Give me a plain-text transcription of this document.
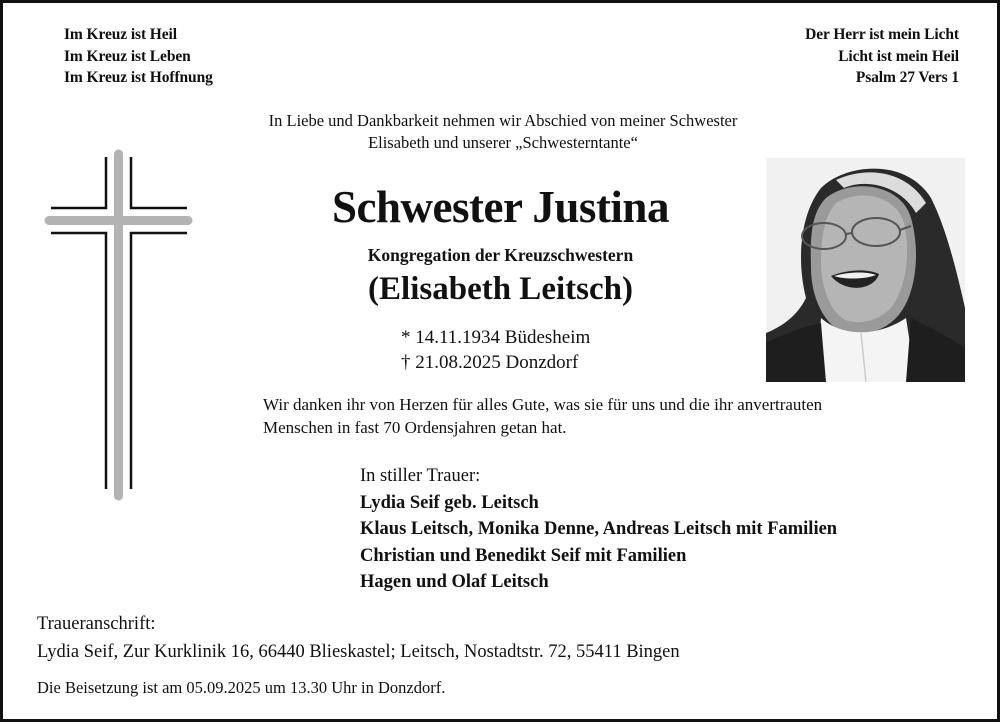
Im Kreuz ist Heil
Im Kreuz ist Leben
Im Kreuz ist Hoffnung
Der Herr ist mein Licht
Licht ist mein Heil
Psalm 27 Vers 1
In Liebe und Dankbarkeit nehmen wir Abschied von meiner Schwester
Elisabeth und unserer „Schwesterntante“
Schwester Justina
Kongregation der Kreuzschwestern
(Elisabeth Leitsch)
* 14.11.1934 Büdesheim
† 21.08.2025 Donzdorf
Wir danken ihr von Herzen für alles Gute, was sie für uns und die ihr anvertrauten
Menschen in fast 70 Ordensjahren getan hat.
In stiller Trauer:
Lydia Seif geb. Leitsch
Klaus Leitsch, Monika Denne, Andreas Leitsch mit Familien
Christian und Benedikt Seif mit Familien
Hagen und Olaf Leitsch
Traueranschrift:
Lydia Seif, Zur Kurklinik 16, 66440 Blieskastel; Leitsch, Nostadtstr. 72, 55411 Bingen
Die Beisetzung ist am 05.09.2025 um 13.30 Uhr in Donzdorf.
